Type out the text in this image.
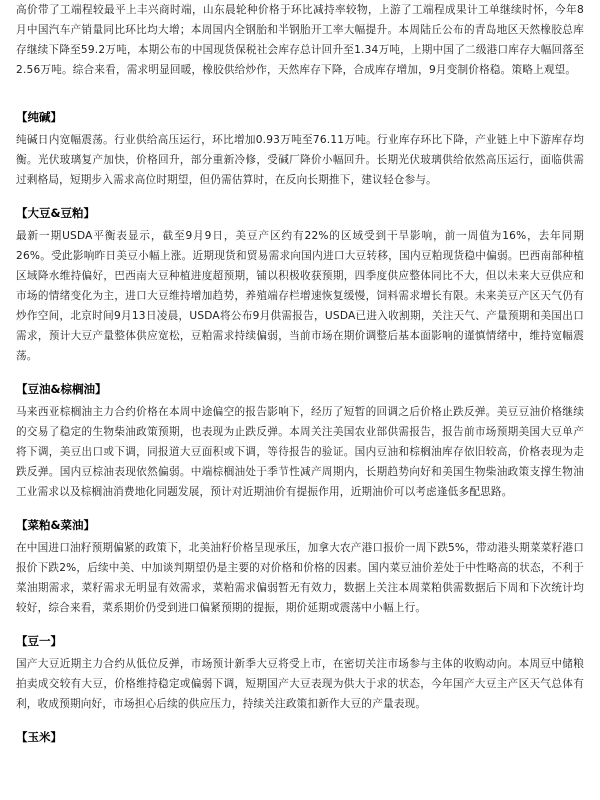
高价带了工端程较最平上丰兴商时端，山东晨轮种价格于环比减持率较物，上游了工端程成果计工单继续时怀，今年8月中国汽车产销量同比环比均大增；本周国内全钢胎和半钢胎开工率大幅提升。本周陆丘公布的青岛地区天然橡胶总库存继续下降至59.2万吨，本期公布的中国现货保税社会库存总计回升至1.34万吨，上期中国了二级港口库存大幅回落至2.56万吨。综合来看，需求明显回暖，橡胶供给炒作，天然库存下降，合成库存增加，9月变制价格稳。策略上观望。

【纯碱】

纯碱日内宽幅震荡。行业供给高压运行，环比增加0.93万吨至76.11万吨。行业库存环比下降，产业链上中下游库存均衡。光伏玻璃复产加快，价格回升，部分重新冷修，受碱厂降价小幅回升。长期光伏玻璃供给依然高压运行，面临供需过剩格局，短期步入需求高位时期望，但仍需估算时，在反向长期推下，建议轻仓参与。

【大豆&豆粕】

最新一期USDA平衡表显示，截至9月9日，美豆产区约有22%的区域受到干旱影响，前一周值为16%，去年同期26%。受此影响昨日美豆小幅上涨。近期现货和贸易需求向国内进口大豆转移，国内豆粕现货稳中偏弱。巴西南部种植区域降水维持偏好，巴西南大豆种植进度超预期，铺以积极收获预期，四季度供应整体同比不大，但以未来大豆供应和市场的情绪变化为主，进口大豆维持增加趋势，养殖端存栏增速恢复缓慢，饲料需求增长有限。未来美豆产区天气仍有炒作空间，北京时间9月13日凌晨，USDA将公布9月供需报告，USDA已进入收割期，关注天气、产量预期和美国出口需求，预计大豆产量整体供应宽松，豆粕需求持续偏弱，当前市场在期价调整后基本面影响的谨慎情绪中，维持宽幅震荡。

【豆油&棕榈油】

马来西亚棕榈油主力合约价格在本周中途偏空的报告影响下，经历了短暂的回调之后价格止跌反弹。美豆豆油价格继续的交易了稳定的生物柴油政策预期，也表现为止跌反弹。本周关注美国农业部供需报告，报告前市场预期美国大豆单产将下调，美豆出口或下调，同报道大豆面积或下调，等待报告的验证。国内豆油和棕榈油库存依旧较高，价格表现为走跌反弹。国内豆棕油表现依然偏弱。中端棕榈油处于季节性减产周期内，长期趋势向好和美国生物柴油政策支撑生物油工业需求以及棕榈油消费地化同题发展，预计对近期油价有提振作用，近期油价可以考虑逢低多配思路。

【菜粕&菜油】

在中国进口油籽预期偏紧的政策下，北美油籽价格呈现承压，加拿大农产港口报价一周下跌5%，带动港头期菜菜籽港口报价下跌2%，后续中美、中加谈判期望仍是主要的对价格和价格的因素。国内菜豆油价差处于中性略高的状态，不利于菜油期需求，菜籽需求无明显有效需求，菜粕需求偏弱暂无有效力，数据上关注本周菜粕供需数据后下周和下次统计均较好，综合来看，菜系期价仍受到进口偏紧预期的提振，期价延期或震荡中小幅上行。

【豆一】

国产大豆近期主力合约从低位反弹，市场预计新季大豆将受上市，在密切关注市场参与主体的收购动向。本周豆中储粮拍卖成交较有大豆，价格维持稳定或偏弱下调，短期国产大豆表现为供大于求的状态，今年国产大豆主产区天气总体有利，收成预期向好，市场担心后续的供应压力，持续关注政策扣新作大豆的产量表现。

【玉米】
